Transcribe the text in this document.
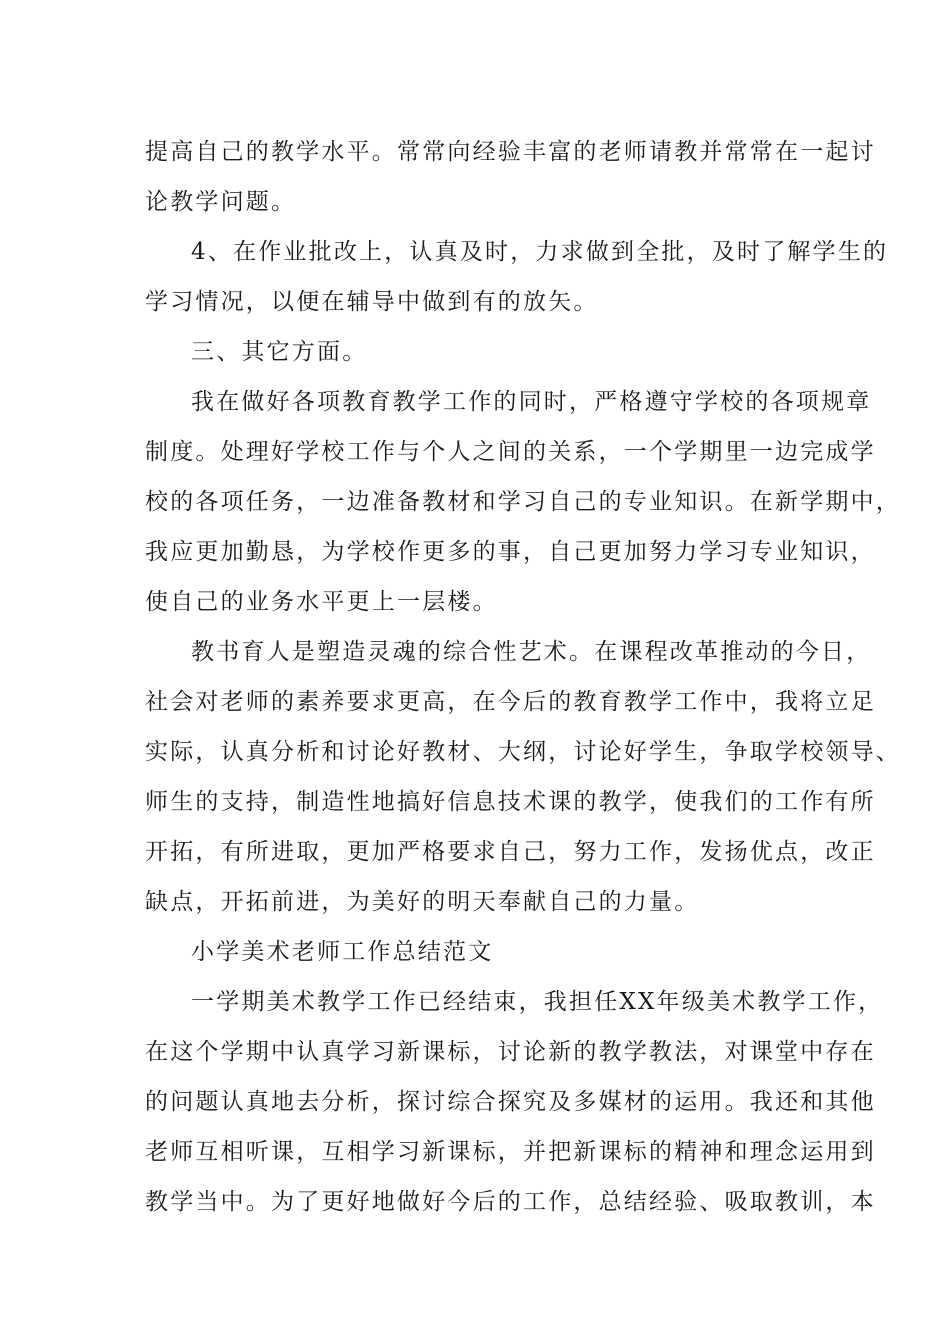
提高自己的教学水平。常常向经验丰富的老师请教并常常在一起讨
论教学问题。
4、在作业批改上，认真及时，力求做到全批，及时了解学生的
学习情况，以便在辅导中做到有的放矢。
三、其它方面。
我在做好各项教育教学工作的同时，严格遵守学校的各项规章
制度。处理好学校工作与个人之间的关系，一个学期里一边完成学
校的各项任务，一边准备教材和学习自己的专业知识。在新学期中，
我应更加勤恳，为学校作更多的事，自己更加努力学习专业知识，
使自己的业务水平更上一层楼。
教书育人是塑造灵魂的综合性艺术。在课程改革推动的今日，
社会对老师的素养要求更高，在今后的教育教学工作中，我将立足
实际，认真分析和讨论好教材、大纲，讨论好学生，争取学校领导、
师生的支持，制造性地搞好信息技术课的教学，使我们的工作有所
开拓，有所进取，更加严格要求自己，努力工作，发扬优点，改正
缺点，开拓前进，为美好的明天奉献自己的力量。
小学美术老师工作总结范文
一学期美术教学工作已经结束，我担任XX年级美术教学工作，
在这个学期中认真学习新课标，讨论新的教学教法，对课堂中存在
的问题认真地去分析，探讨综合探究及多媒材的运用。我还和其他
老师互相听课，互相学习新课标，并把新课标的精神和理念运用到
教学当中。为了更好地做好今后的工作，总结经验、吸取教训，本
